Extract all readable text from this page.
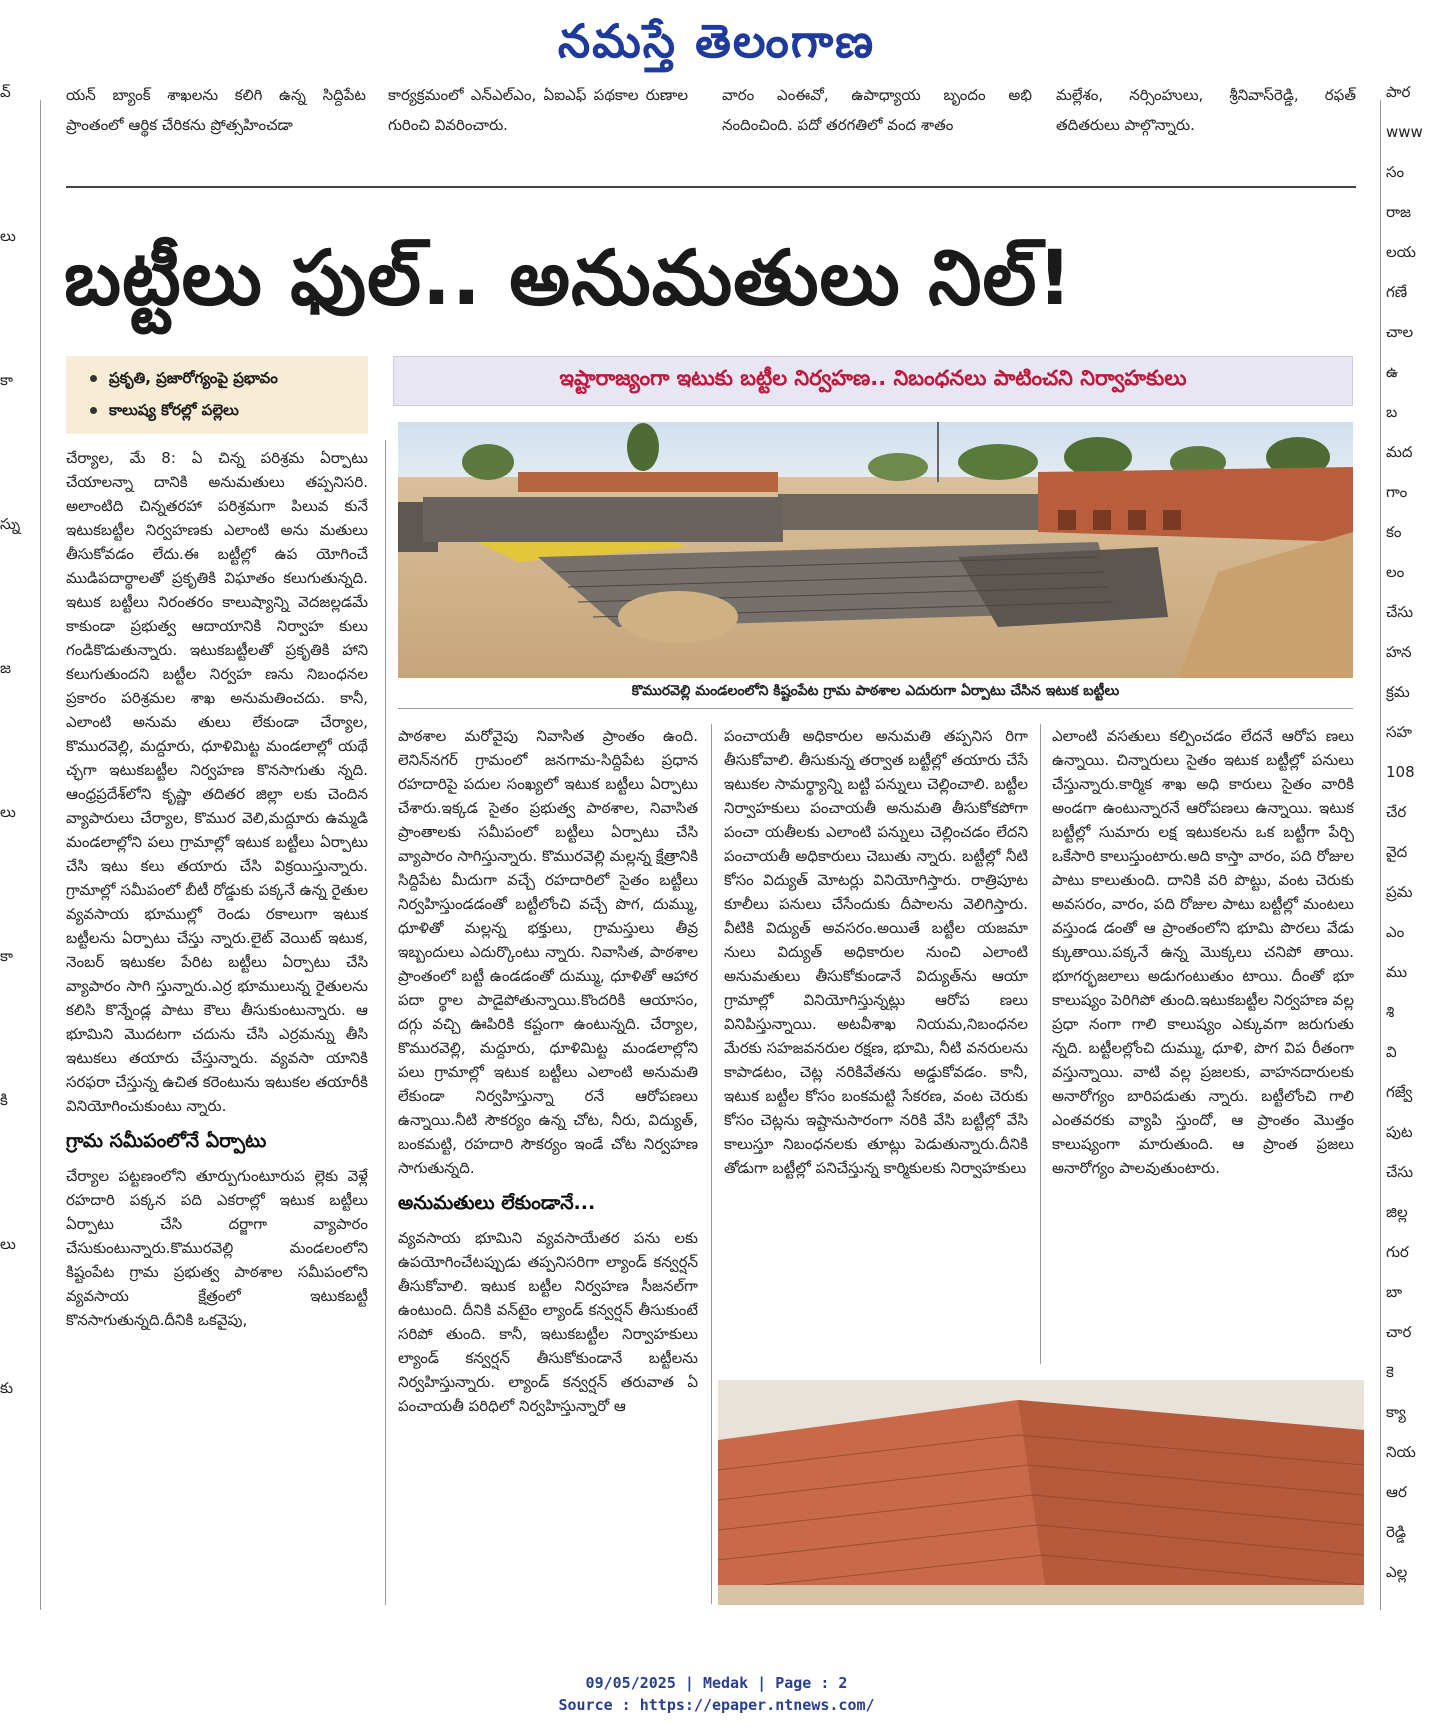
నమస్తే తెలంగాణ
వ్
లు
కా
స్ను
జ
లు
కా
కి
లు
కు
పార
www
సం
రాజ
లయ
గణే
చాల
ఉ
బ
మద
గాం
కం
లం
చేసు
హన
క్రమ
సహ
108
చేర
వైద
ప్రమ
ఎం
ము
శి
వి
గజ్వే
పుట
చేసు
జిల్ల
గుర
బా
చార
కె
క్యా
నియ
ఆర
రెడ్డి
ఎల్ల
యన్ బ్యాంక్ శాఖలను కలిగి ఉన్న సిద్దిపేట ప్రాంతంలో ఆర్థిక చేరికను ప్రోత్సహించడా
కార్యక్రమంలో ఎన్ఎల్ఎం, ఏఐఎఫ్ పథకాల రుణాల గురించి వివరించారు.
వారం ఎంఈవో, ఉపాధ్యాయ బృందం అభి నందించింది. పదో తరగతిలో వంద శాతం
మల్లేశం, నర్సింహులు, శ్రీనివాస్‌రెడ్డి, రఫత్ తదితరులు పాల్గొన్నారు.
బట్టీలు ఫుల్.. అనుమతులు నిల్!
ప్రకృతి, ప్రజారోగ్యంపై ప్రభావం
కాలుష్య కోరల్లో పల్లెలు
ఇష్టారాజ్యంగా ఇటుకు బట్టీల నిర్వహణ.. నిబంధనలు పాటించని నిర్వాహకులు
కొమురవెల్లి మండలంలోని కిష్టంపేట గ్రామ పాఠశాల ఎదురుగా ఏర్పాటు చేసిన ఇటుక బట్టీలు
చేర్యాల, మే 8: ఏ చిన్న పరిశ్రమ ఏర్పాటు చేయాలన్నా దానికి అనుమతులు తప్పనిసరి. అలాంటిది చిన్నతరహా పరిశ్రమగా పిలువ కునే ఇటుకబట్టీల నిర్వహణకు ఎలాంటి అను మతులు తీసుకోవడం లేదు.ఈ బట్టీల్లో ఉప యోగించే ముడిపదార్థాలతో ప్రకృతికి విఘాతం కలుగుతున్నది. ఇటుక బట్టీలు నిరంతరం కాలుష్యాన్ని వెదజల్లడమే కాకుండా ప్రభుత్వ ఆదాయానికి నిర్వాహ కులు గండికొడుతున్నారు. ఇటుకబట్టీలతో ప్రకృతికి హాని కలుగుతుందని బట్టీల నిర్వహ ణను నిబంధనల ప్రకారం పరిశ్రమల శాఖ అనుమతించదు. కానీ, ఎలాంటి అనుమ తులు లేకుండా చేర్యాల, కొమురవెల్లి, మద్దూరు, ధూళిమిట్ట మండలాల్లో యథే చ్ఛగా ఇటుకబట్టీల నిర్వహణ కొనసాగుతు న్నది. ఆంధ్రప్రదేశ్‌లోని కృష్ణా తదితర జిల్లా లకు చెందిన వ్యాపారులు చేర్యాల, కొముర వెలి,మద్దూరు ఉమ్మడి మండలాల్లోని పలు గ్రామాల్లో ఇటుక బట్టీలు ఏర్పాటు చేసి ఇటు కలు తయారు చేసి విక్రయిస్తున్నారు. గ్రామాల్లో సమీపంలో బీటీ రోడ్డుకు పక్కనే ఉన్న రైతుల వ్యవసాయ భూముల్లో రెండు రకాలుగా ఇటుక బట్టీలను ఏర్పాటు చేస్తు న్నారు.లైట్ వెయిట్ ఇటుక, నెంబర్ ఇటుకల పేరిట బట్టీలు ఏర్పాటు చేసి వ్యాపారం సాగి స్తున్నారు.ఎర్ర భూములున్న రైతులను కలిసి కొన్నేండ్ల పాటు కౌలు తీసుకుంటున్నారు. ఆ భూమిని మొదటగా చదును చేసి ఎర్రమన్ను తీసి ఇటుకలు తయారు చేస్తున్నారు. వ్యవసా యానికి సరఫరా చేస్తున్న ఉచిత కరెంటును ఇటుకల తయారీకి వినియోగించుకుంటు న్నారు.
గ్రామ సమీపంలోనే ఏర్పాటు
చేర్యాల పట్టణంలోని తూర్పుగుంటూరుప ల్లెకు వెళ్లే రహదారి పక్కన పది ఎకరాల్లో ఇటుక బట్టీలు ఏర్పాటు చేసి దర్జాగా వ్యాపారం చేసుకుంటున్నారు.కొమురవెల్లి మండలంలోని కిష్టంపేట గ్రామ ప్రభుత్వ పాఠశాల సమీపంలోని వ్యవసాయ క్షేత్రంలో ఇటుకబట్టీ కొనసాగుతున్నది.దీనికి ఒకవైపు,
పాఠశాల మరోవైపు నివాసిత ప్రాంతం ఉంది. లెనిన్‌నగర్ గ్రామంలో జనగామ-సిద్దిపేట ప్రధాన రహదారిపై పదుల సంఖ్యలో ఇటుక బట్టీలు ఏర్పాటు చేశారు.ఇక్కడ సైతం ప్రభుత్వ పాఠశాల, నివాసిత ప్రాంతాలకు సమీపంలో బట్టీలు ఏర్పాటు చేసి వ్యాపారం సాగిస్తున్నారు. కొమురవెల్లి మల్లన్న క్షేత్రానికి సిద్దిపేట మీదుగా వచ్చే రహదారిలో సైతం బట్టీలు నిర్వహిస్తుండడంతో బట్టీలోంచి వచ్చే పొగ, దుమ్ము, ధూళితో మల్లన్న భక్తులు, గ్రామస్తులు తీవ్ర ఇబ్బందులు ఎదుర్కొంటు న్నారు. నివాసిత, పాఠశాల ప్రాంతంలో బట్టీ ఉండడంతో దుమ్ము, ధూళితో ఆహార పదా ర్థాల పాడైపోతున్నాయి.కొందరికి ఆయాసం, దగ్గు వచ్చి ఊపిరికి కష్టంగా ఉంటున్నది. చేర్యాల, కొమురవెల్లి, మద్దూరు, ధూళిమిట్ట మండలాల్లోని పలు గ్రామాల్లో ఇటుక బట్టీలు ఎలాంటి అనుమతి లేకుండా నిర్వహిస్తున్నా రనే ఆరోపణలు ఉన్నాయి.నీటి సౌకర్యం ఉన్న చోట, నీరు, విద్యుత్, బంకమట్టి, రహదారి సౌకర్యం ఇండే చోట నిర్వహణ సాగుతున్నది.
అనుమతులు లేకుండానే...
వ్యవసాయ భూమిని వ్యవసాయేతర పను లకు ఉపయోగించేటప్పుడు తప్పనిసరిగా ల్యాండ్ కన్వర్షన్ తీసుకోవాలి. ఇటుక బట్టీల నిర్వహణ సీజనల్‌గా ఉంటుంది. దీనికి వన్‌టైం ల్యాండ్ కన్వర్షన్ తీసుకుంటే సరిపో తుంది. కానీ, ఇటుకబట్టీల నిర్వాహకులు ల్యాండ్ కన్వర్షన్ తీసుకోకుండానే బట్టీలను నిర్వహిస్తున్నారు. ల్యాండ్ కన్వర్షన్ తరువాత ఏ పంచాయతీ పరిధిలో నిర్వహిస్తున్నారో ఆ
పంచాయతీ అధికారుల అనుమతి తప్పనిస రిగా తీసుకోవాలి. తీసుకున్న తర్వాత బట్టీల్లో తయారు చేసే ఇటుకల సామర్థ్యాన్ని బట్టి పన్నులు చెల్లించాలి. బట్టీల నిర్వాహకులు పంచాయతీ అనుమతి తీసుకోకపోగా పంచా యతీలకు ఎలాంటి పన్నులు చెల్లించడం లేదని పంచాయతీ అధికారులు చెబుతు న్నారు. బట్టీల్లో నీటి కోసం విద్యుత్ మోటర్లు వినియోగిస్తారు. రాత్రిపూట కూలీలు పనులు చేసేందుకు దీపాలను వెలిగిస్తారు. వీటికి విద్యుత్ అవసరం.అయితే బట్టీల యజమా నులు విద్యుత్ అధికారుల నుంచి ఎలాంటి అనుమతులు తీసుకోకుండానే విద్యుత్‌ను ఆయా గ్రామాల్లో వినియోగిస్తున్నట్లు ఆరోప ణలు వినిపిస్తున్నాయి. అటవీశాఖ నియమ,నిబంధనల మేరకు సహజవనరుల రక్షణ, భూమి, నీటి వనరులను కాపాడటం, చెట్ల నరికివేతను అడ్డుకోవడం. కానీ, ఇటుక బట్టీల కోసం బంకమట్టి సేకరణ, వంట చెరుకు కోసం చెట్లను ఇష్టానుసారంగా నరికి వేసి బట్టీల్లో వేసి కాలుస్తూ నిబంధనలకు తూట్లు పెడుతున్నారు.దీనికి తోడుగా బట్టీల్లో పనిచేస్తున్న కార్మికులకు నిర్వాహకులు
ఎలాంటి వసతులు కల్పించడం లేదనే ఆరోప ణలు ఉన్నాయి. చిన్నారులు సైతం ఇటుక బట్టీల్లో పనులు చేస్తున్నారు.కార్మిక శాఖ అధి కారులు సైతం వారికి అండగా ఉంటున్నారనే ఆరోపణలు ఉన్నాయి. ఇటుక బట్టీల్లో సుమారు లక్ష ఇటుకలను ఒక బట్టీగా పేర్చి ఒకేసారి కాలుస్తుంటారు.అది కాస్తా వారం, పది రోజుల పాటు కాలుతుంది. దానికి వరి పొట్టు, వంట చెరుకు అవసరం, వారం, పది రోజుల పాటు బట్టీల్లో మంటలు వస్తుండ డంతో ఆ ప్రాంతంలోని భూమి పొరలు వేడు క్కుతాయి.పక్కనే ఉన్న మొక్కలు చనిపో తాయి. భూగర్భజలాలు అడుగంటుతుం టాయి. దీంతో భూ కాలుష్యం పెరిగిపో తుంది.ఇటుకబట్టీల నిర్వహణ వల్ల ప్రధా నంగా గాలి కాలుష్యం ఎక్కువగా జరుగుతు న్నది. బట్టీలల్లోంచి దుమ్ము, ధూళి, పొగ విప రీతంగా వస్తున్నాయి. వాటి వల్ల ప్రజలకు, వాహనదారులకు అనారోగ్యం బారిపడుతు న్నారు. బట్టీలోంచి గాలి ఎంతవరకు వ్యాపి స్తుందో, ఆ ప్రాంతం మొత్తం కాలుష్యంగా మారుతుంది. ఆ ప్రాంత ప్రజలు అనారోగ్యం పాలవుతుంటారు.
09/05/2025 | Medak | Page : 2
Source : https://epaper.ntnews.com/
